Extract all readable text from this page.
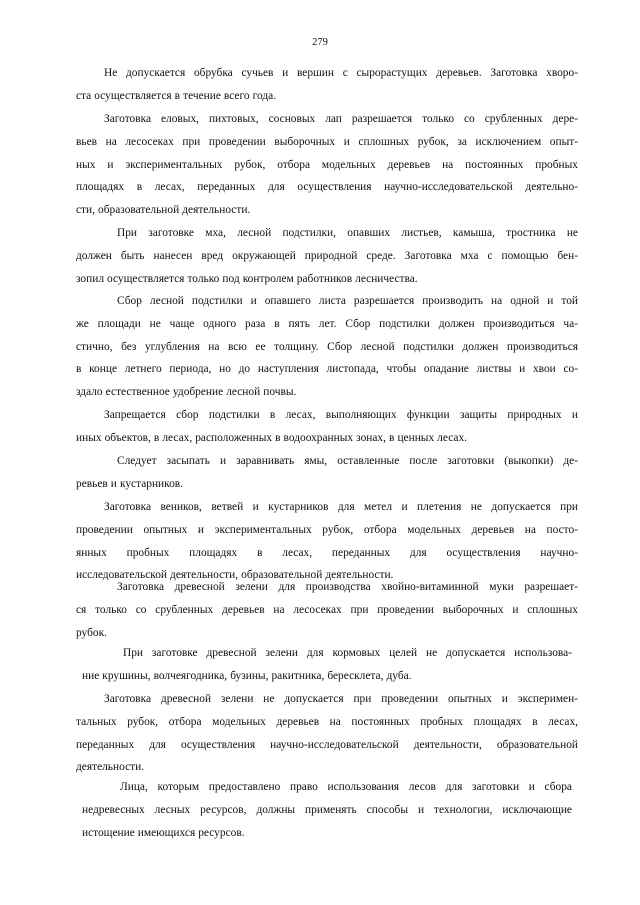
279
Не допускается обрубка сучьев и вершин с сырорастущих деревьев. Заготовка хворо-
ста осуществляется в течение всего года.
Заготовка еловых, пихтовых, сосновых лап разрешается только со срубленных дере-
вьев на лесосеках при проведении выборочных и сплошных рубок, за исключением опыт-
ных и экспериментальных рубок, отбора модельных деревьев на постоянных пробных
площадях в лесах, переданных для осуществления научно-исследовательской деятельно-
сти, образовательной деятельности.
При заготовке мха, лесной подстилки, опавших листьев, камыша, тростника не
должен быть нанесен вред окружающей природной среде. Заготовка мха с помощью бен-
зопил осуществляется только под контролем работников лесничества.
Сбор лесной подстилки и опавшего листа разрешается производить на одной и той
же площади не чаще одного раза в пять лет. Сбор подстилки должен производиться ча-
стично, без углубления на всю ее толщину. Сбор лесной подстилки должен производиться
в конце летнего периода, но до наступления листопада, чтобы опадание листвы и хвои со-
здало естественное удобрение лесной почвы.
Запрещается сбор подстилки в лесах, выполняющих функции защиты природных и
иных объектов, в лесах, расположенных в водоохранных зонах, в ценных лесах.
Следует засыпать и заравнивать ямы, оставленные после заготовки (выкопки) де-
ревьев и кустарников.
Заготовка веников, ветвей и кустарников для метел и плетения не допускается при
проведении опытных и экспериментальных рубок, отбора модельных деревьев на посто-
янных пробных площадях в лесах, переданных для осуществления научно-
исследовательской деятельности, образовательной деятельности.
Заготовка древесной зелени для производства хвойно-витаминной муки разрешает-
ся только со срубленных деревьев на лесосеках при проведении выборочных и сплошных
рубок.
При заготовке древесной зелени для кормовых целей не допускается использова-
ние крушины, волчеягодника, бузины, ракитника, бересклета, дуба.
Заготовка древесной зелени не допускается при проведении опытных и эксперимен-
тальных рубок, отбора модельных деревьев на постоянных пробных площадях в лесах,
переданных для осуществления научно-исследовательской деятельности, образовательной
деятельности.
Лица, которым предоставлено право использования лесов для заготовки и сбора
недревесных лесных ресурсов, должны применять способы и технологии, исключающие
истощение имеющихся ресурсов.
